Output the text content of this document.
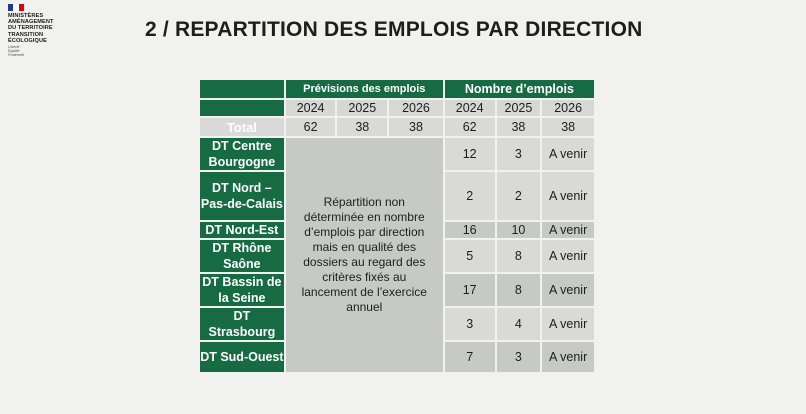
MINISTÈRES
AMÉNAGEMENT
DU TERRITOIRE
TRANSITION
ÉCOLOGIQUE
Liberté
Égalité
Fraternité
2 / REPARTITION DES EMPLOIS PAR DIRECTION
	Prévisions des emplois			Nombre d’emplois		
	2024	2025	2026	2024	2025	2026
Total	62	38	38	62	38	38
DT Centre Bourgogne	Répartition non déterminée en nombre d’emplois par direction mais en qualité des dossiers au regard des critères fixés au lancement de l’exercice annuel			12	3	A venir
DT Nord – Pas-de-Calais				2	2	A venir
DT Nord-Est				16	10	A venir
DT Rhône Saône				5	8	A venir
DT Bassin de la Seine				17	8	A venir
DT Strasbourg				3	4	A venir
DT Sud-Ouest				7	3	A venir
